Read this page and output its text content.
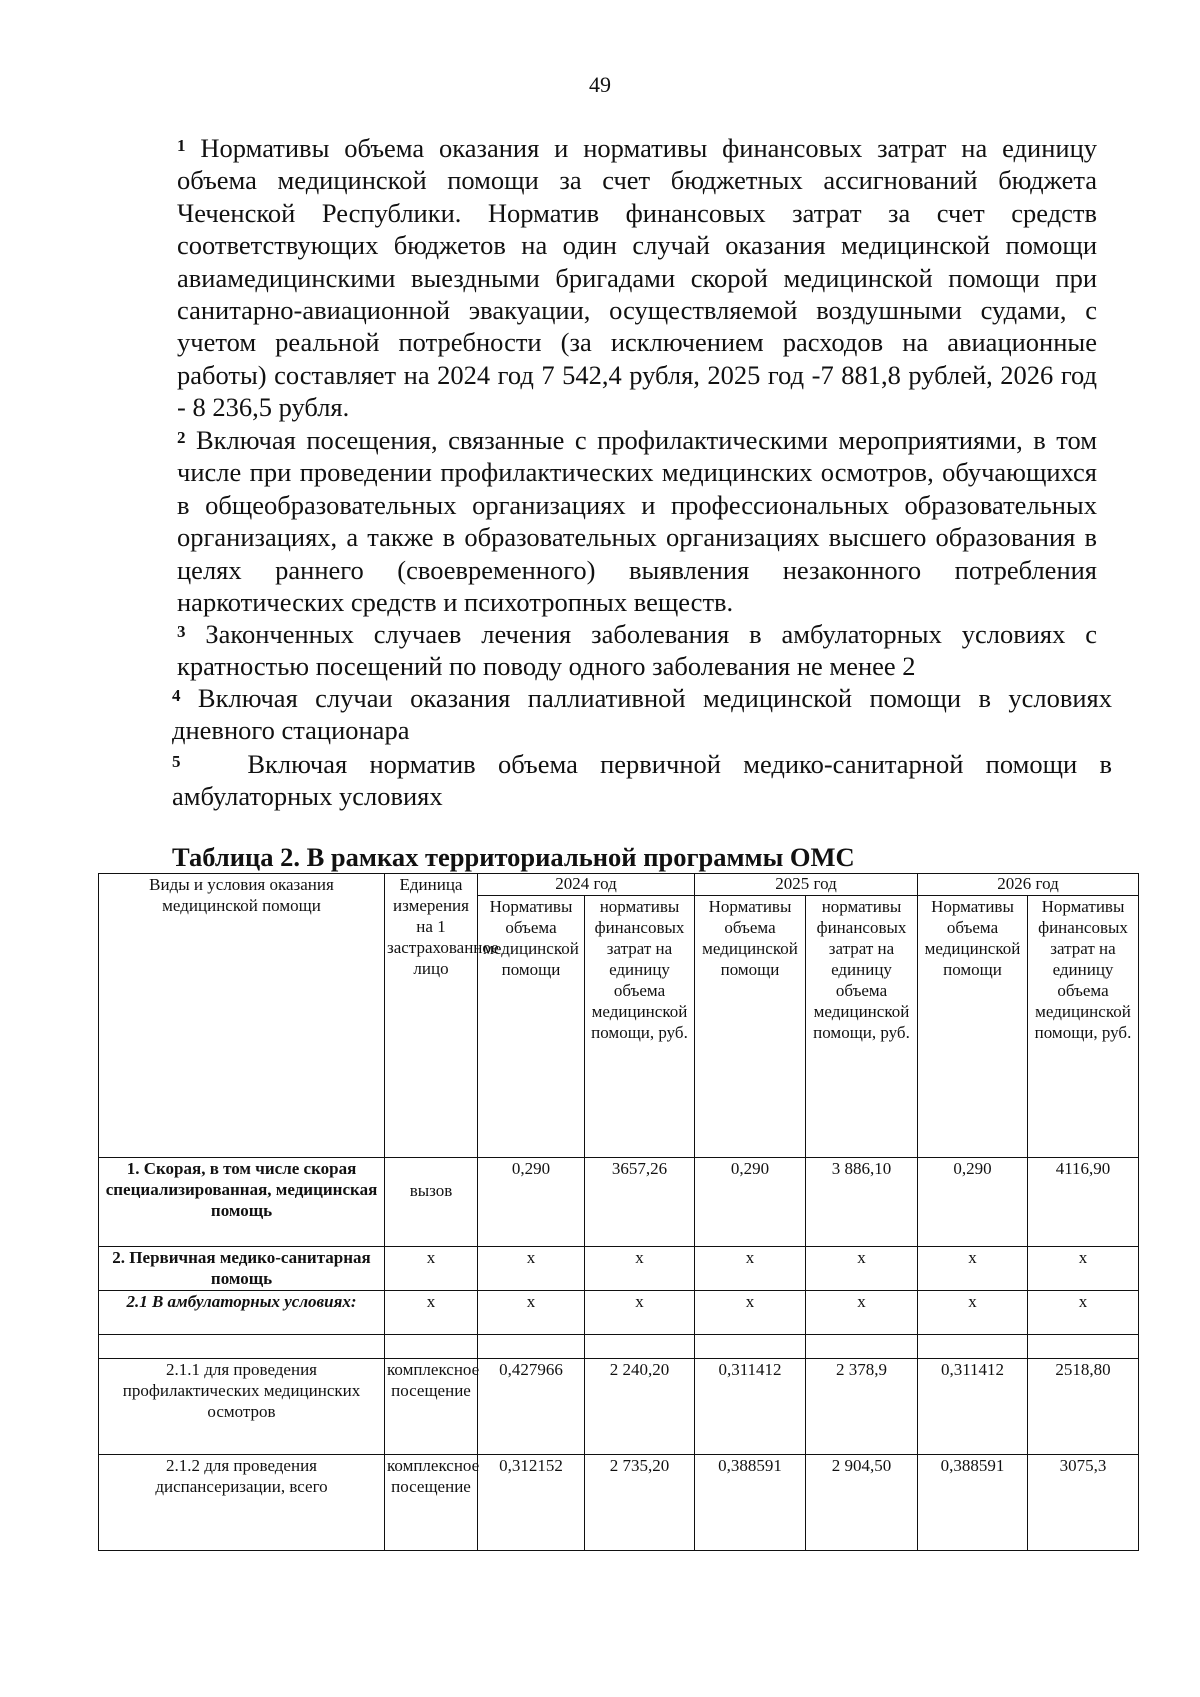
49

$^1$ Нормативы объема оказания и нормативы финансовых затрат на единицу объема медицинской помощи за счет бюджетных ассигнований бюджета Чеченской Республики. Норматив финансовых затрат за счет средств соответствующих бюджетов на один случай оказания медицинской помощи авиамедицинскими выездными бригадами скорой медицинской помощи при санитарно-авиационной эвакуации, осуществляемой воздушными судами, с учетом реальной потребности (за исключением расходов на авиационные работы) составляет на 2024 год 7 542,4 рубля, 2025 год -7 881,8 рублей, 2026 год - 8 236,5 рубля.

$^2$ Включая посещения, связанные с профилактическими мероприятиями, в том числе при проведении профилактических медицинских осмотров, обучающихся в общеобразовательных организациях и профессиональных образовательных организациях, а также в образовательных организациях высшего образования в целях раннего (своевременного) выявления незаконного потребления наркотических средств и психотропных веществ.

$^3$ Законченных случаев лечения заболевания в амбулаторных условиях с кратностью посещений по поводу одного заболевания не менее 2

$^4$ Включая случаи оказания паллиативной медицинской помощи в условиях дневного стационара

$^5$	Включая норматив объема первичной медико-санитарной помощи в амбулаторных условиях

Таблица 2. В рамках территориальной программы ОМС
Виды и условия оказания медицинской помощи	Единица измерения на 1 застрахованное лицо	2024 год		2025 год		2026 год	
		Нормативы объема медицинской помощи	нормативы финансовых затрат на единицу объема медицинской помощи, руб.	Нормативы объема медицинской помощи	нормативы финансовых затрат на единицу объема медицинской помощи, руб.	Нормативы объема медицинской помощи	Нормативы финансовых затрат на единицу объема медицинской помощи, руб.
1. Скорая, в том числе скорая специализированная, медицинская помощь	вызов	0,290	3657,26	0,290	3 886,10	0,290	4116,90
2. Первичная медико-санитарная помощь	х	х	х	х	х	х	х
2.1 В амбулаторных условиях:	х	х	х	х	х	х	х

2.1.1 для проведения профилактических медицинских осмотров	комплексное посещение	0,427966	2 240,20	0,311412	2 378,9	0,311412	2518,80
2.1.2 для проведения диспансеризации, всего	комплексное посещение	0,312152	2 735,20	0,388591	2 904,50	0,388591	3075,3
